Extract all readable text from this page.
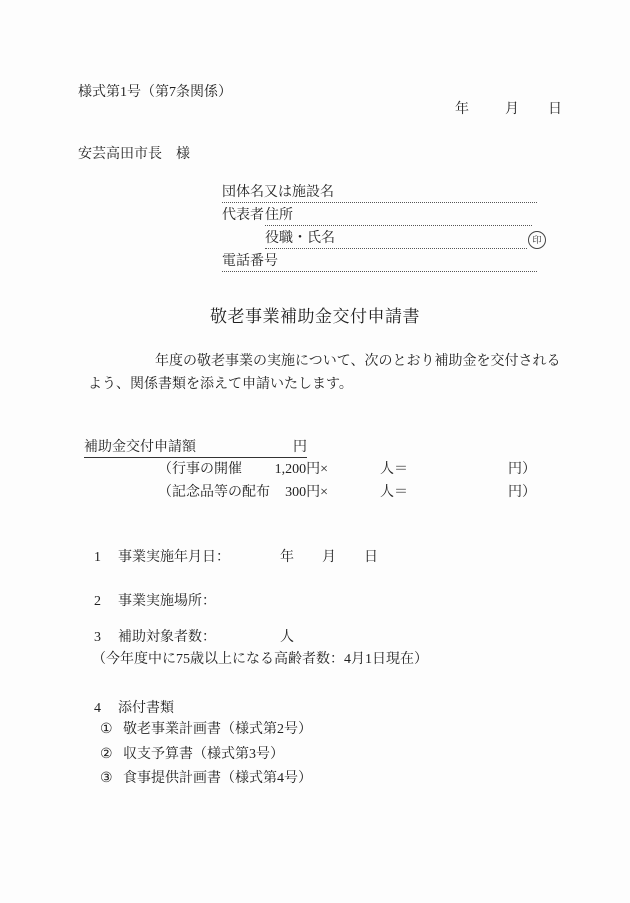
様式第1号（第7条関係）
年	月 日
安芸高田市長　様
団体名又は施設名
代表者 住所
役職・氏名	印
電話番号
敬老事業補助金交付申請書
年度の敬老事業の実施について、次のとおり補助金を交付される
よう、関係書類を添えて申請いたします。
補助金交付申請額	円
（行事の開催	1,200円×	人＝	円）
（記念品等の配布	300円×	人＝	円）
1 事業実施年月日：	年　　月　　日
2 事業実施場所：
3 補助対象者数：	人
（今年度中に75歳以上になる高齢者数：4月1日現在）
4 添付書類
① 敬老事業計画書（様式第2号）
② 収支予算書（様式第3号）
③ 食事提供計画書（様式第4号）
